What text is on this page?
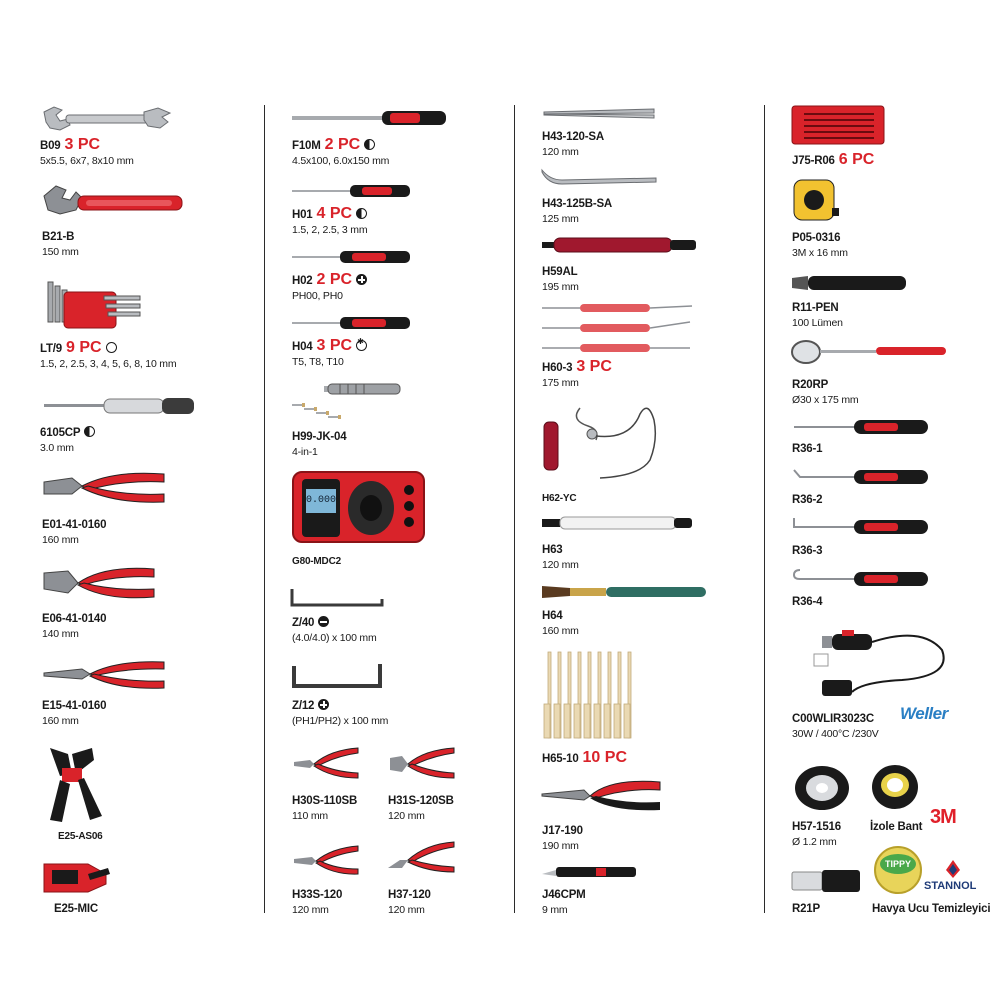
B09 3 PC
5x5.5, 6x7, 8x10 mm
B21-B
150 mm
LT/9 9 PC
1.5, 2, 2.5, 3, 4, 5, 6, 8, 10 mm
6105CP
3.0 mm
E01-41-0160
160 mm
E06-41-0140
140 mm
E15-41-0160
160 mm
E25-AS06
E25-MIC
F10M 2 PC
4.5x100, 6.0x150 mm
H01 4 PC
1.5, 2, 2.5, 3 mm
H02 2 PC
PH00, PH0
H04 3 PC✱
T5, T8, T10
H99-JK-04
4-in-1
0.000
G80-MDC2
Z/40
(4.0/4.0) x 100 mm
Z/12
(PH1/PH2) x 100 mm
H30S-110SB
110 mm
H31S-120SB
120 mm
H33S-120
120 mm
H37-120
120 mm
H43-120-SA
120 mm
H43-125B-SA
125 mm
H59AL
195 mm
H60-3 3 PC
175 mm
H62-YC
H63
120 mm
H64
160 mm
H65-10 10 PC
J17-190
190 mm
J46CPM
9 mm
J75-R06 6 PC
P05-0316
3M x 16 mm
R11-PEN
100 Lümen
R20RP
Ø30 x 175 mm
R36-1
R36-2
R36-3
R36-4
C00WLIR3023C
30W / 400°C /230V
Weller
H57-1516
Ø 1.2 mm
İzole Bant 3M
R21P
TIPPY
Havya Ucu Temizleyici
STANNOL
